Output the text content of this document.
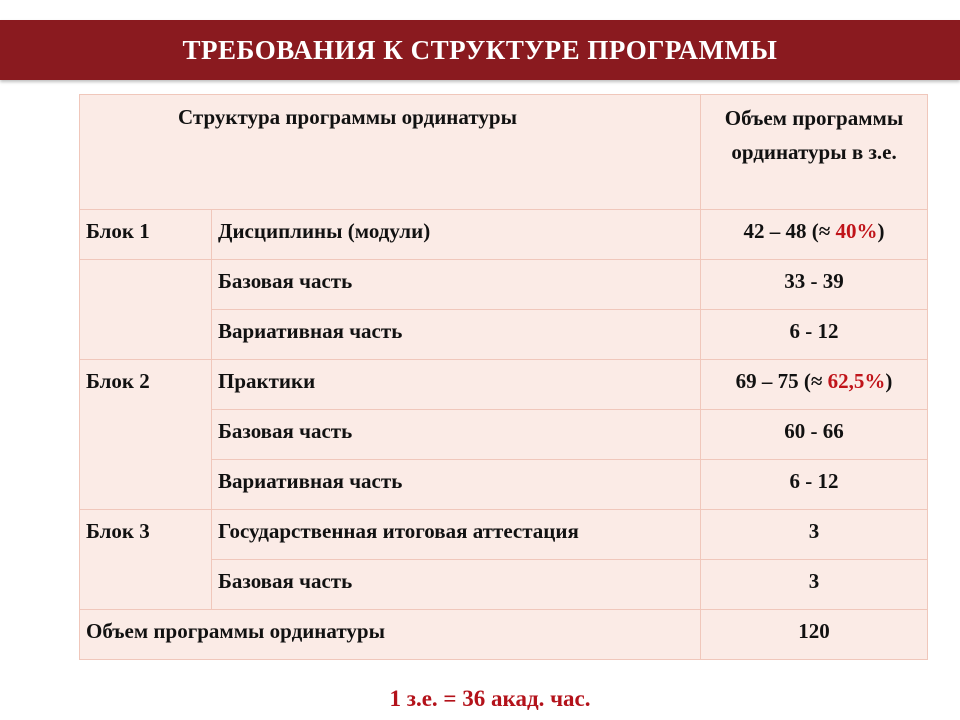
ТРЕБОВАНИЯ К СТРУКТУРЕ ПРОГРАММЫ
Структура программы ординатуры		Объем программы ординатуры в з.е.
Блок 1	Дисциплины (модули)	42 – 48 (≈ 40%)
	Базовая часть	33 - 39
	Вариативная часть	6 - 12
Блок 2	Практики	69 – 75 (≈ 62,5%)
	Базовая часть	60 - 66
	Вариативная часть	6 - 12
Блок 3	Государственная итоговая аттестация	3
	Базовая часть	3
Объем программы ординатуры		120
1 з.е. = 36 акад. час.
